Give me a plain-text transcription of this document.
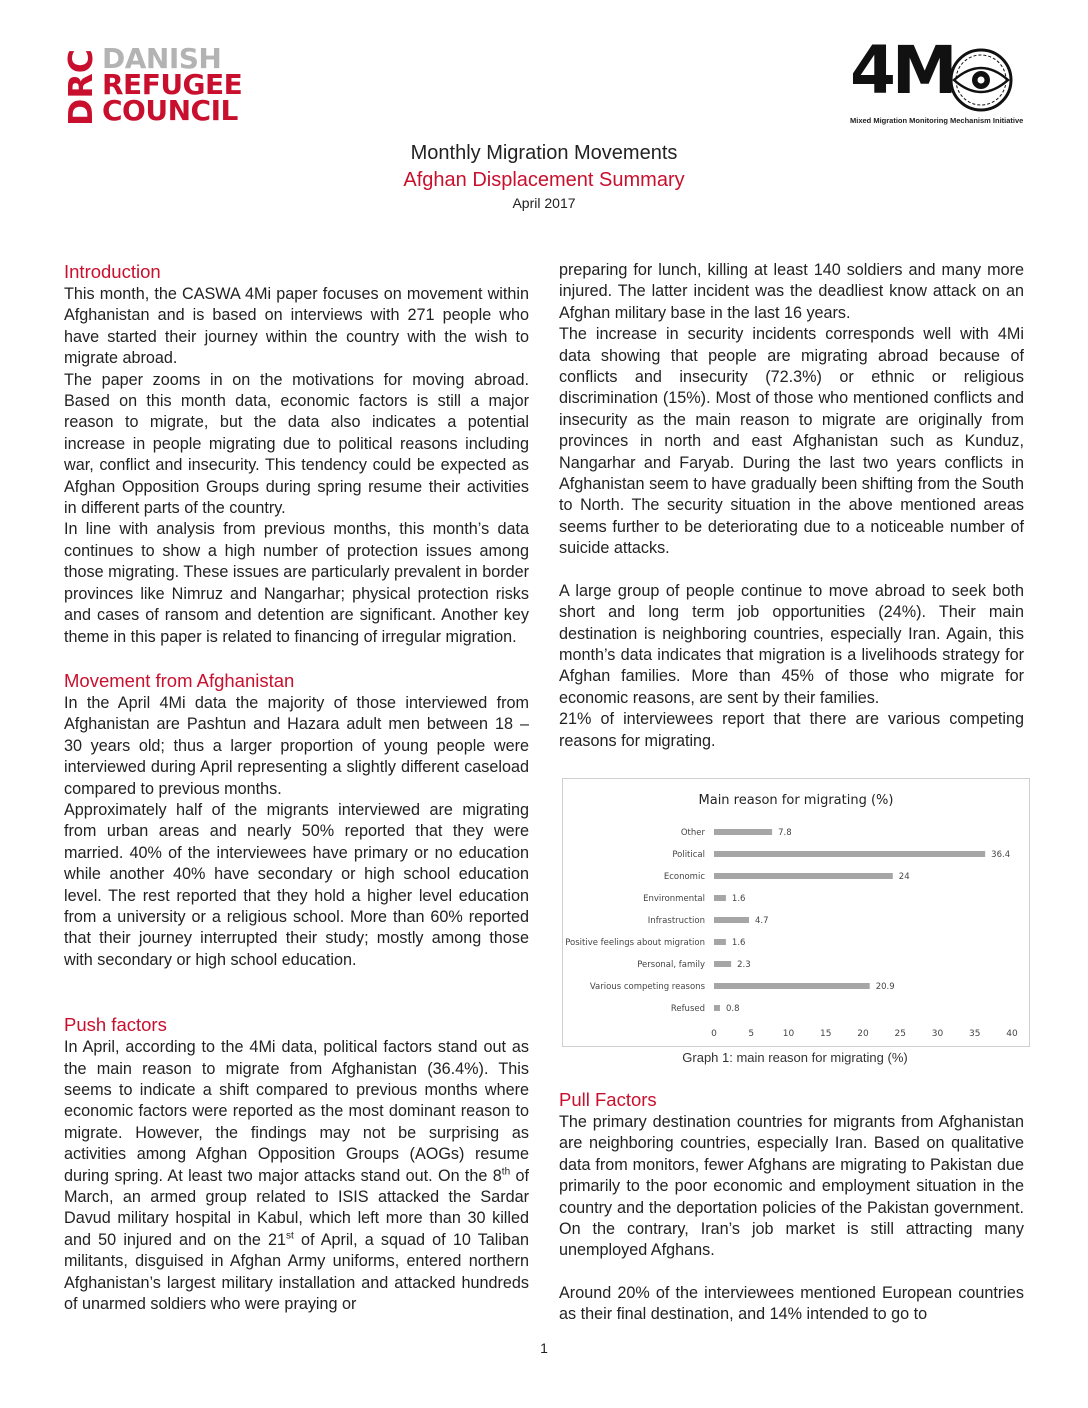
DRC DANISH
REFUGEE
COUNCIL
4M
Mixed Migration Monitoring Mechanism Initiative
Monthly Migration Movements
Afghan Displacement Summary
April 2017
Introduction

This month, the CASWA 4Mi paper focuses on movement within Afghanistan and is based on interviews with 271 people who have started their journey within the country with the wish to migrate abroad.

The paper zooms in on the motivations for moving abroad. Based on this month data, economic factors is still a major reason to migrate, but the data also indicates a potential increase in people migrating due to political reasons including war, conflict and insecurity. This tendency could be expected as Afghan Opposition Groups during spring resume their activities in different parts of the country.

In line with analysis from previous months, this month’s data continues to show a high number of protection issues among those migrating. These issues are particularly prevalent in border provinces like Nimruz and Nangarhar; physical protection risks and cases of ransom and detention are significant. Another key theme in this paper is related to financing of irregular migration.

Movement from Afghanistan

In the April 4Mi data the majority of those interviewed from Afghanistan are Pashtun and Hazara adult men between 18 – 30 years old; thus a larger proportion of young people were interviewed during April representing a slightly different caseload compared to previous months.

Approximately half of the migrants interviewed are migrating from urban areas and nearly 50% reported that they were married. 40% of the interviewees have primary or no education while another 40% have secondary or high school education level. The rest reported that they hold a higher level education from a university or a religious school. More than 60% reported that their journey interrupted their study; mostly among those with secondary or high school education.

Push factors

In April, according to the 4Mi data, political factors stand out as the main reason to migrate from Afghanistan (36.4%). This seems to indicate a shift compared to previous months where economic factors were reported as the most dominant reason to migrate. However, the findings may not be surprising as activities among Afghan Opposition Groups (AOGs) resume during spring. At least two major attacks stand out. On the 8th of March, an armed group related to ISIS attacked the Sardar Davud military hospital in Kabul, which left more than 30 killed and 50 injured and on the 21st of April, a squad of 10 Taliban militants, disguised in Afghan Army uniforms, entered northern Afghanistan’s largest military installation and attacked hundreds of unarmed soldiers who were praying or

preparing for lunch, killing at least 140 soldiers and many more injured. The latter incident was the deadliest know attack on an Afghan military base in the last 16 years.

The increase in security incidents corresponds well with 4Mi data showing that people are migrating abroad because of conflicts and insecurity (72.3%) or ethnic or religious discrimination (15%). Most of those who mentioned conflicts and insecurity as the main reason to migrate are originally from provinces in north and east Afghanistan such as Kunduz, Nangarhar and Faryab. During the last two years conflicts in Afghanistan seem to have gradually been shifting from the South to North. The security situation in the above mentioned areas seems further to be deteriorating due to a noticeable number of suicide attacks.

A large group of people continue to move abroad to seek both short and long term job opportunities (24%). Their main destination is neighboring countries, especially Iran. Again, this month’s data indicates that migration is a livelihoods strategy for Afghan families. More than 45% of those who migrate for economic reasons, are sent by their families.

21% of interviewees report that there are various competing reasons for migrating.

Main reason for migrating (%)
Other	7.8
Political	36.4
Economic	24
Environmental	1.6
Infrastruction	4.7
Positive feelings about migration	1.6
Personal, family	2.3
Various competing reasons	20.9
Refused 0.8
0	5	10	15	20	25	30	35	40
Graph 1: main reason for migrating (%)
Pull Factors

The primary destination countries for migrants from Afghanistan are neighboring countries, especially Iran. Based on qualitative data from monitors, fewer Afghans are migrating to Pakistan due primarily to the poor economic and employment situation in the country and the deportation policies of the Pakistan government. On the contrary, Iran’s job market is still attracting many unemployed Afghans.

Around 20% of the interviewees mentioned European countries as their final destination, and 14% intended to go to

1
